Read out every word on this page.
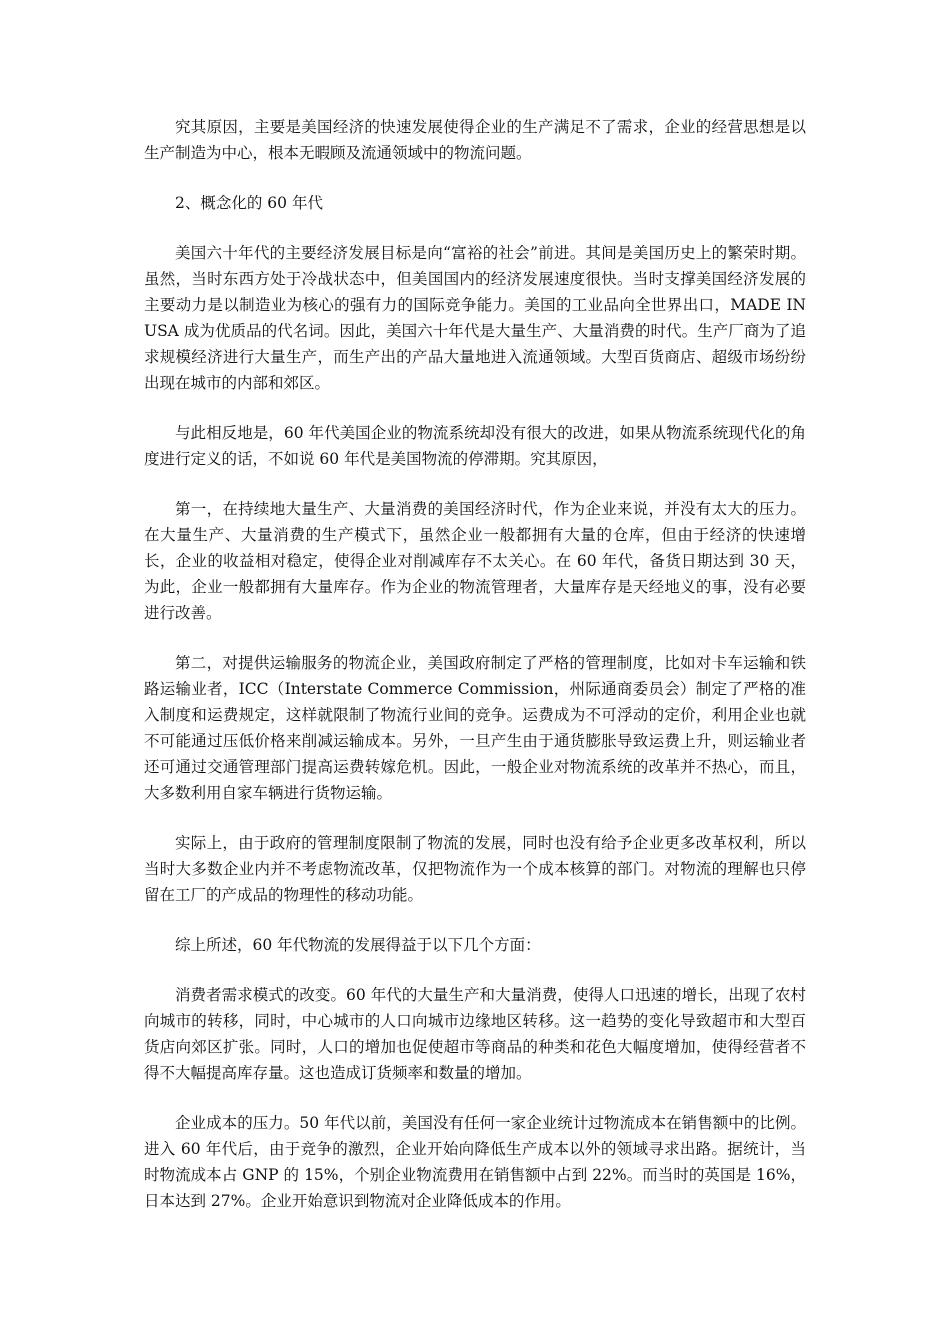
究其原因，主要是美国经济的快速发展使得企业的生产满足不了需求，企业的经营思想是以生产制造为中心，根本无暇顾及流通领域中的物流问题。

2、概念化的 60 年代

美国六十年代的主要经济发展目标是向“富裕的社会”前进。其间是美国历史上的繁荣时期。虽然，当时东西方处于冷战状态中，但美国国内的经济发展速度很快。当时支撑美国经济发展的主要动力是以制造业为核心的强有力的国际竞争能力。美国的工业品向全世界出口，MADE IN USA 成为优质品的代名词。因此，美国六十年代是大量生产、大量消费的时代。生产厂商为了追求规模经济进行大量生产，而生产出的产品大量地进入流通领域。大型百货商店、超级市场纷纷出现在城市的内部和郊区。

与此相反地是，60 年代美国企业的物流系统却没有很大的改进，如果从物流系统现代化的角度进行定义的话，不如说 60 年代是美国物流的停滞期。究其原因，

第一，在持续地大量生产、大量消费的美国经济时代，作为企业来说，并没有太大的压力。在大量生产、大量消费的生产模式下，虽然企业一般都拥有大量的仓库，但由于经济的快速增长，企业的收益相对稳定，使得企业对削减库存不太关心。在 60 年代，备货日期达到 30 天，为此，企业一般都拥有大量库存。作为企业的物流管理者，大量库存是天经地义的事，没有必要进行改善。

第二，对提供运输服务的物流企业，美国政府制定了严格的管理制度，比如对卡车运输和铁路运输业者，ICC（Interstate Commerce Commission，州际通商委员会）制定了严格的准入制度和运费规定，这样就限制了物流行业间的竞争。运费成为不可浮动的定价，利用企业也就不可能通过压低价格来削减运输成本。另外，一旦产生由于通货膨胀导致运费上升，则运输业者还可通过交通管理部门提高运费转嫁危机。因此，一般企业对物流系统的改革并不热心，而且，大多数利用自家车辆进行货物运输。

实际上，由于政府的管理制度限制了物流的发展，同时也没有给予企业更多改革权利，所以当时大多数企业内并不考虑物流改革，仅把物流作为一个成本核算的部门。对物流的理解也只停留在工厂的产成品的物理性的移动功能。

综上所述，60 年代物流的发展得益于以下几个方面：

消费者需求模式的改变。60 年代的大量生产和大量消费，使得人口迅速的增长，出现了农村向城市的转移，同时，中心城市的人口向城市边缘地区转移。这一趋势的变化导致超市和大型百货店向郊区扩张。同时，人口的增加也促使超市等商品的种类和花色大幅度增加，使得经营者不得不大幅提高库存量。这也造成订货频率和数量的增加。

企业成本的压力。50 年代以前，美国没有任何一家企业统计过物流成本在销售额中的比例。进入 60 年代后，由于竞争的激烈，企业开始向降低生产成本以外的领域寻求出路。据统计，当时物流成本占 GNP 的 15%，个别企业物流费用在销售额中占到 22%。而当时的英国是 16%，日本达到 27%。企业开始意识到物流对企业降低成本的作用。
